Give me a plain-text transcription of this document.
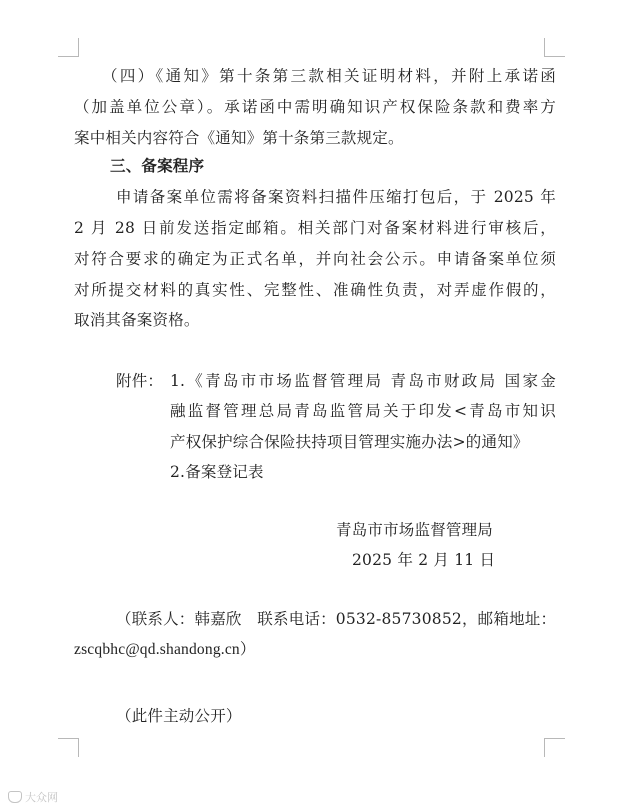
（四）《通知》第十条第三款相关证明材料，并附上承诺函
（加盖单位公章）。承诺函中需明确知识产权保险条款和费率方
案中相关内容符合《通知》第十条第三款规定。
三、备案程序
申请备案单位需将备案资料扫描件压缩打包后，于 2025 年
2 月 28 日前发送指定邮箱。相关部门对备案材料进行审核后，
对符合要求的确定为正式名单，并向社会公示。申请备案单位须
对所提交材料的真实性、完整性、准确性负责，对弄虚作假的，
取消其备案资格。
附件： 1.《青岛市市场监督管理局 青岛市财政局 国家金
融监督管理总局青岛监管局关于印发<青岛市知识
产权保护综合保险扶持项目管理实施办法>的通知》
2.备案登记表
青岛市市场监督管理局
2025 年 2 月 11 日
（联系人：韩嘉欣　联系电话：0532-85730852，邮箱地址：
zscqbhc@qd.shandong.cn）
（此件主动公开）
大众网
